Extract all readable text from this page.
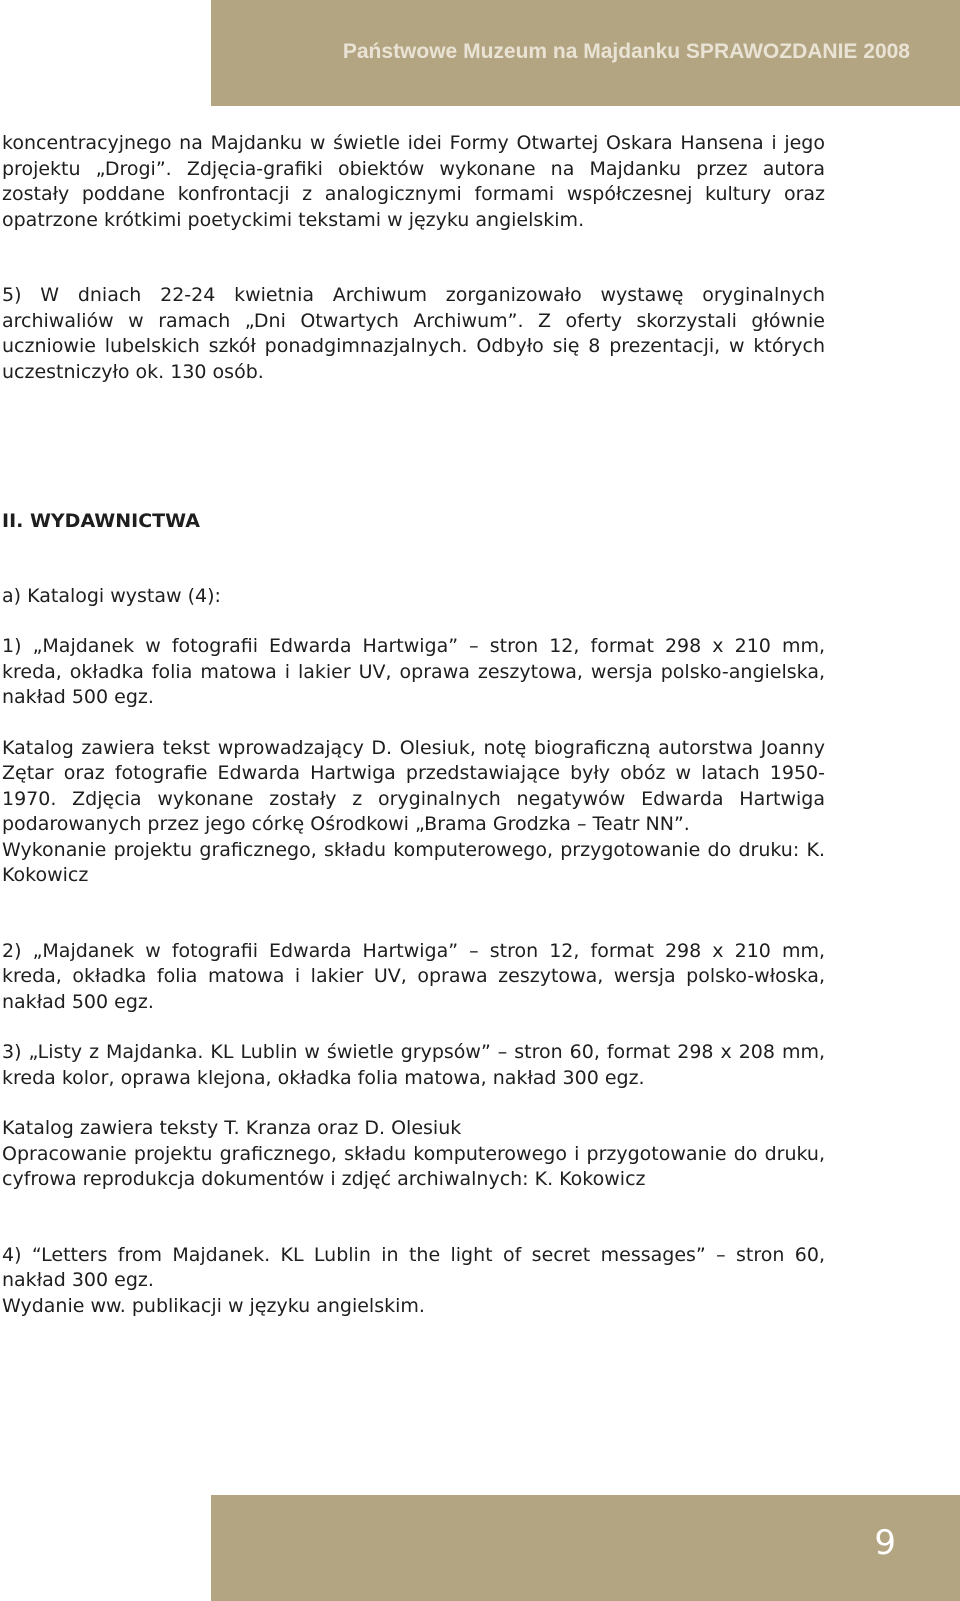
Państwowe Muzeum na Majdanku SPRAWOZDANIE 2008

koncentracyjnego na Majdanku w świetle idei Formy Otwartej Oskara Hansena i jego projektu „Drogi”. Zdjęcia-grafiki obiektów wykonane na Majdanku przez autora zostały poddane konfrontacji z analogicznymi formami współczesnej kultury oraz opatrzone krótkimi poetyckimi tekstami w języku angielskim.

5) W dniach 22-24 kwietnia Archiwum zorganizowało wystawę oryginalnych archiwaliów w ramach „Dni Otwartych Archiwum”. Z oferty skorzystali głównie uczniowie lubelskich szkół ponadgimnazjalnych. Odbyło się 8 prezentacji, w których uczestniczyło ok. 130 osób.

II. WYDAWNICTWA

a) Katalogi wystaw (4):

1) „Majdanek w fotografii Edwarda Hartwiga” – stron 12, format 298 x 210 mm, kreda, okładka folia matowa i lakier UV, oprawa zeszytowa, wersja polsko-angielska, nakład 500 egz.

Katalog zawiera tekst wprowadzający D. Olesiuk, notę biograficzną autorstwa Joanny Zętar oraz fotografie Edwarda Hartwiga przedstawiające były obóz w latach 1950-1970. Zdjęcia wykonane zostały z oryginalnych negatywów Edwarda Hartwiga podarowanych przez jego córkę Ośrodkowi „Brama Grodzka – Teatr NN”.

Wykonanie projektu graficznego, składu komputerowego, przygotowanie do druku: K. Kokowicz

2) „Majdanek w fotografii Edwarda Hartwiga” – stron 12, format 298 x 210 mm, kreda, okładka folia matowa i lakier UV, oprawa zeszytowa, wersja polsko-włoska, nakład 500 egz.

3) „Listy z Majdanka. KL Lublin w świetle grypsów” – stron 60, format 298 x 208 mm, kreda kolor, oprawa klejona, okładka folia matowa, nakład 300 egz.

Katalog zawiera teksty T. Kranza oraz D. Olesiuk

Opracowanie projektu graficznego, składu komputerowego i przygotowanie do druku, cyfrowa reprodukcja dokumentów i zdjęć archiwalnych: K. Kokowicz

4) “Letters from Majdanek. KL Lublin in the light of secret messages” – stron 60, nakład 300 egz.

Wydanie ww. publikacji w języku angielskim.

9
